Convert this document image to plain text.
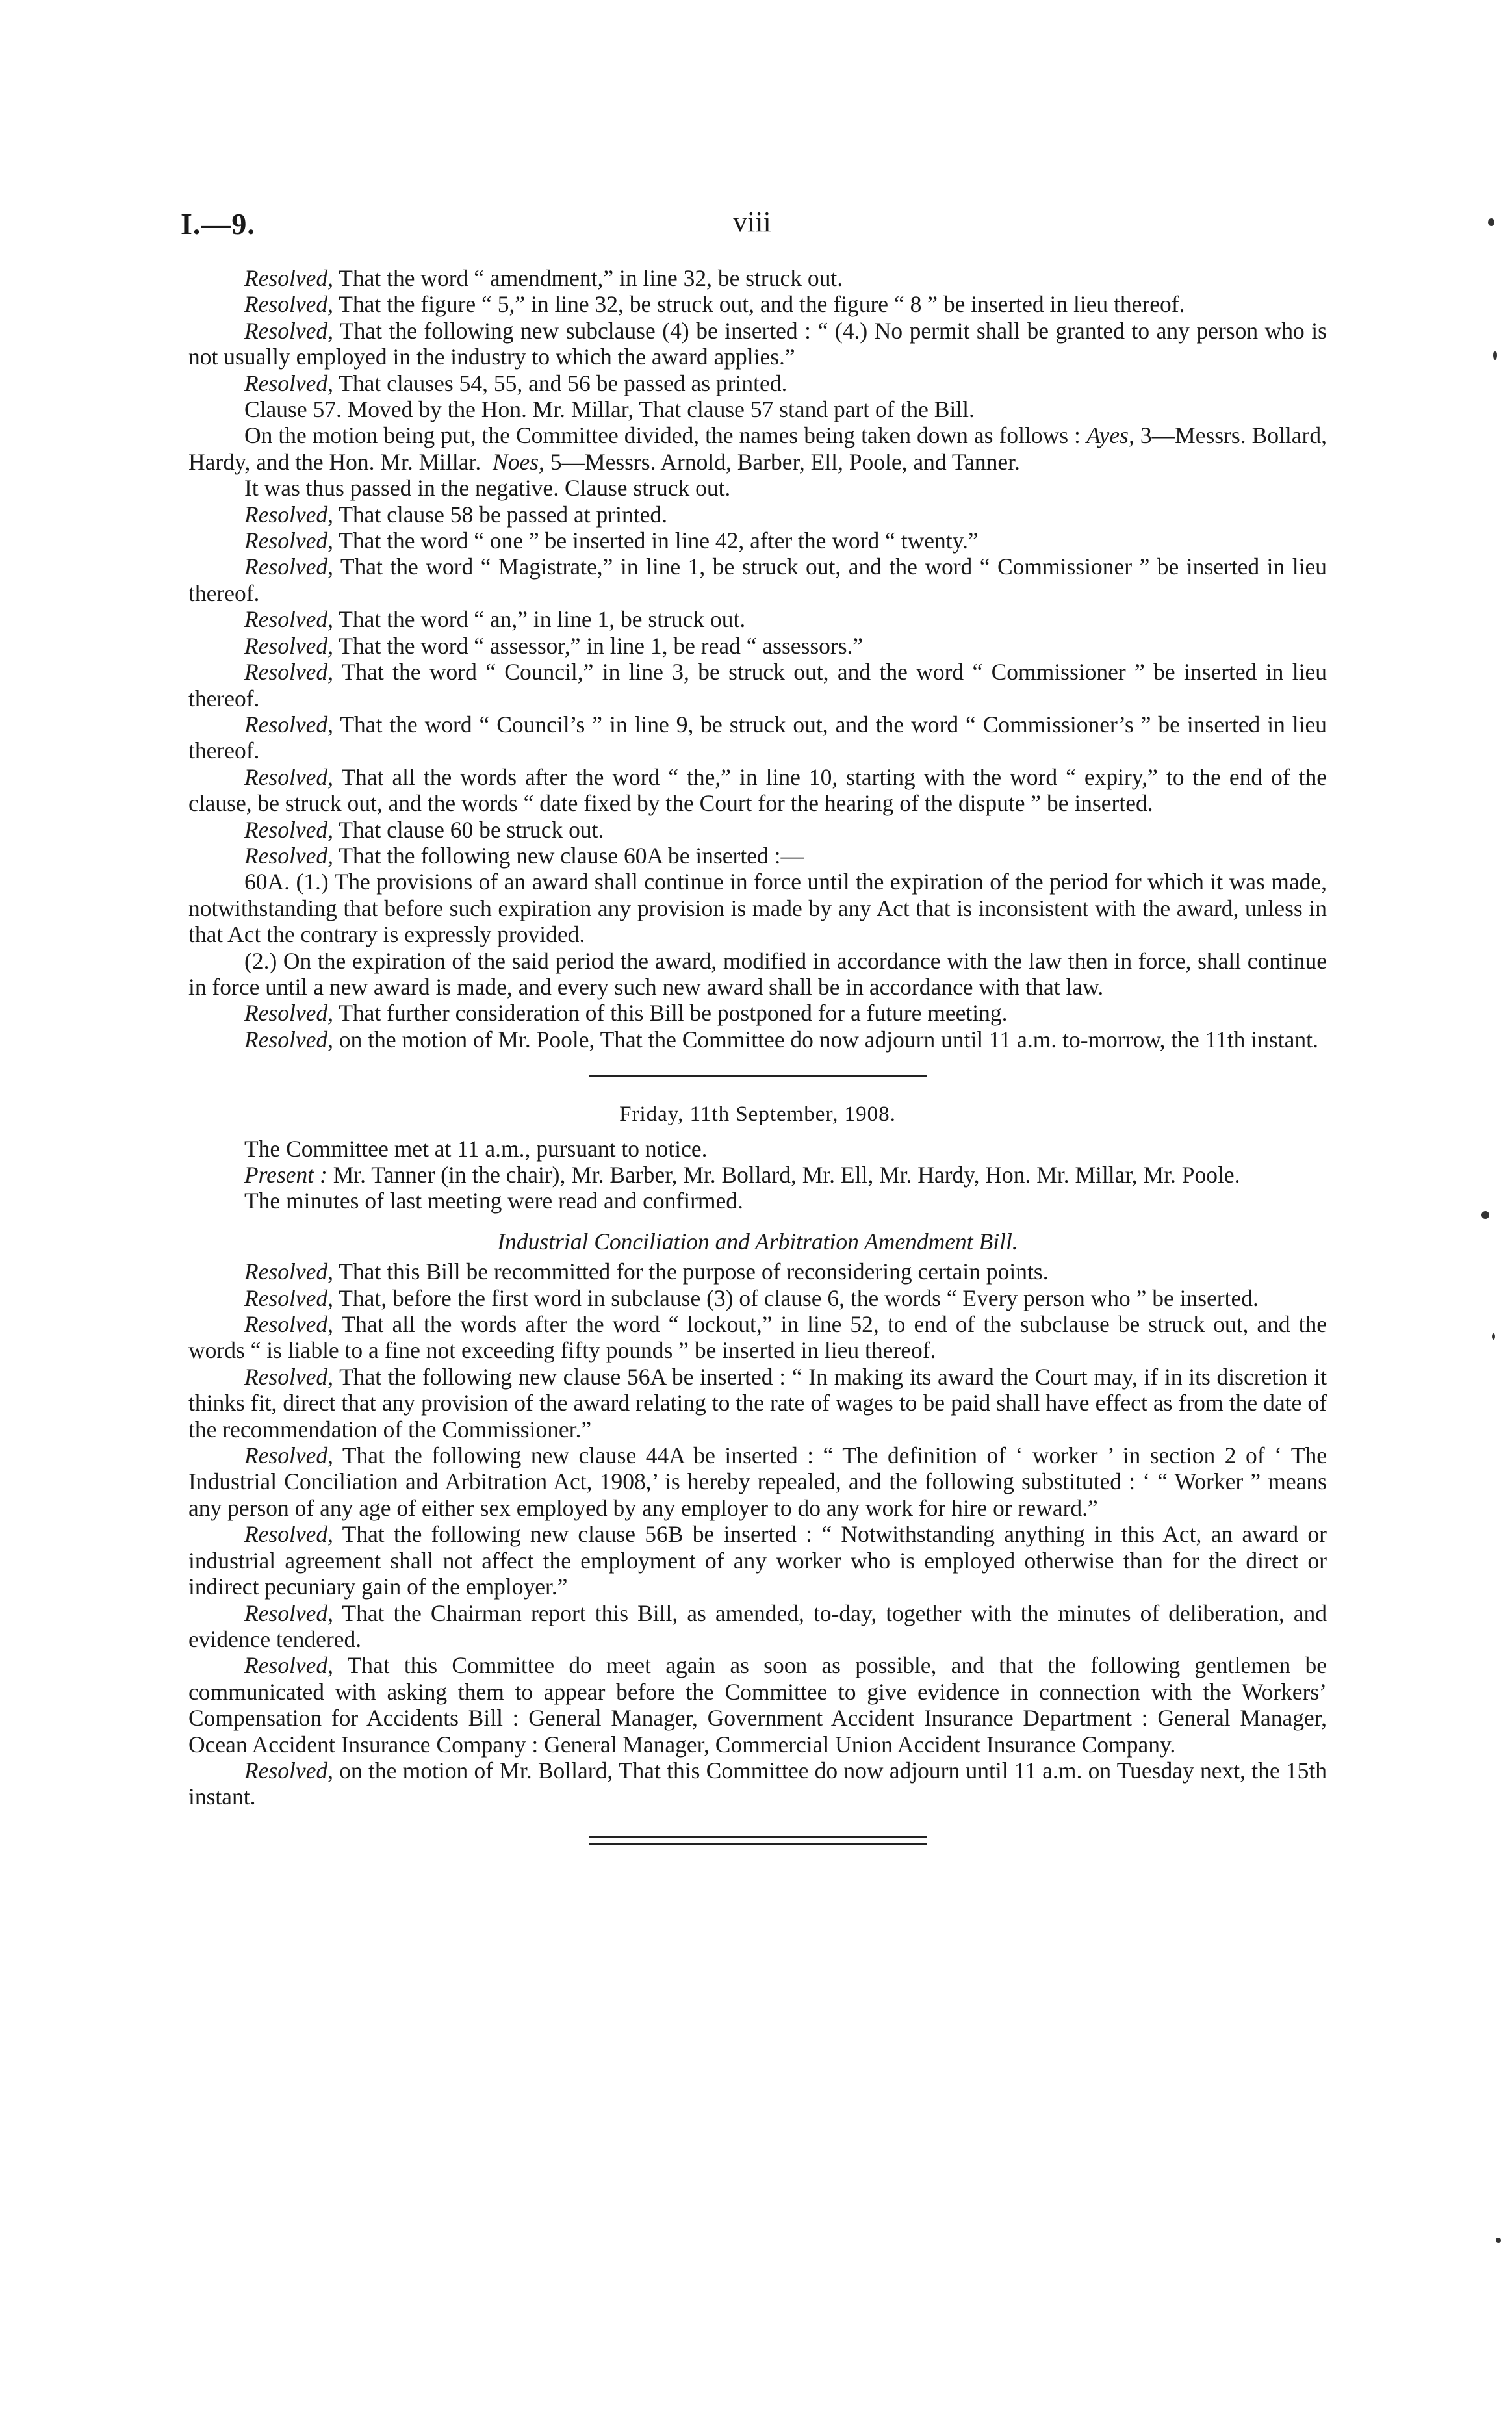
I.—9.	viii

Resolved, That the word “ amendment,” in line 32, be struck out.

Resolved, That the figure “ 5,” in line 32, be struck out, and the figure “ 8 ” be inserted in lieu thereof.

Resolved, That the following new subclause (4) be inserted : “ (4.) No permit shall be granted to any person who is not usually employed in the industry to which the award applies.”

Resolved, That clauses 54, 55, and 56 be passed as printed.

Clause 57. Moved by the Hon. Mr. Millar, That clause 57 stand part of the Bill.

On the motion being put, the Committee divided, the names being taken down as follows : Ayes, 3—Messrs. Bollard, Hardy, and the Hon. Mr. Millar. Noes, 5—Messrs. Arnold, Barber, Ell, Poole, and Tanner.

It was thus passed in the negative. Clause struck out.

Resolved, That clause 58 be passed at printed.

Resolved, That the word “ one ” be inserted in line 42, after the word “ twenty.”

Resolved, That the word “ Magistrate,” in line 1, be struck out, and the word “ Commissioner ” be inserted in lieu thereof.

Resolved, That the word “ an,” in line 1, be struck out.

Resolved, That the word “ assessor,” in line 1, be read “ assessors.”

Resolved, That the word “ Council,” in line 3, be struck out, and the word “ Commissioner ” be inserted in lieu thereof.

Resolved, That the word “ Council’s ” in line 9, be struck out, and the word “ Commissioner’s ” be inserted in lieu thereof.

Resolved, That all the words after the word “ the,” in line 10, starting with the word “ expiry,” to the end of the clause, be struck out, and the words “ date fixed by the Court for the hearing of the dispute ” be inserted.

Resolved, That clause 60 be struck out.

Resolved, That the following new clause 60A be inserted :—

60A. (1.) The provisions of an award shall continue in force until the expiration of the period for which it was made, notwithstanding that before such expiration any provision is made by any Act that is inconsistent with the award, unless in that Act the contrary is expressly provided.

(2.) On the expiration of the said period the award, modified in accordance with the law then in force, shall continue in force until a new award is made, and every such new award shall be in accordance with that law.

Resolved, That further consideration of this Bill be postponed for a future meeting.

Resolved, on the motion of Mr. Poole, That the Committee do now adjourn until 11 a.m. to-morrow, the 11th instant.

Friday, 11th September, 1908.

The Committee met at 11 a.m., pursuant to notice.

Present : Mr. Tanner (in the chair), Mr. Barber, Mr. Bollard, Mr. Ell, Mr. Hardy, Hon. Mr. Millar, Mr. Poole.

The minutes of last meeting were read and confirmed.

Industrial Conciliation and Arbitration Amendment Bill.

Resolved, That this Bill be recommitted for the purpose of reconsidering certain points.

Resolved, That, before the first word in subclause (3) of clause 6, the words “ Every person who ” be inserted.

Resolved, That all the words after the word “ lockout,” in line 52, to end of the subclause be struck out, and the words “ is liable to a fine not exceeding fifty pounds ” be inserted in lieu thereof.

Resolved, That the following new clause 56A be inserted : “ In making its award the Court may, if in its discretion it thinks fit, direct that any provision of the award relating to the rate of wages to be paid shall have effect as from the date of the recommendation of the Commissioner.”

Resolved, That the following new clause 44A be inserted : “ The definition of ‘ worker ’ in section 2 of ‘ The Industrial Conciliation and Arbitration Act, 1908,’ is hereby repealed, and the following substituted : ‘ “ Worker ” means any person of any age of either sex employed by any employer to do any work for hire or reward.”

Resolved, That the following new clause 56B be inserted : “ Notwithstanding anything in this Act, an award or industrial agreement shall not affect the employment of any worker who is employed otherwise than for the direct or indirect pecuniary gain of the employer.”

Resolved, That the Chairman report this Bill, as amended, to-day, together with the minutes of deliberation, and evidence tendered.

Resolved, That this Committee do meet again as soon as possible, and that the following gentlemen be communicated with asking them to appear before the Committee to give evidence in connection with the Workers’ Compensation for Accidents Bill : General Manager, Government Accident Insurance Department : General Manager, Ocean Accident Insurance Company : General Manager, Commercial Union Accident Insurance Company.

Resolved, on the motion of Mr. Bollard, That this Committee do now adjourn until 11 a.m. on Tuesday next, the 15th instant.
